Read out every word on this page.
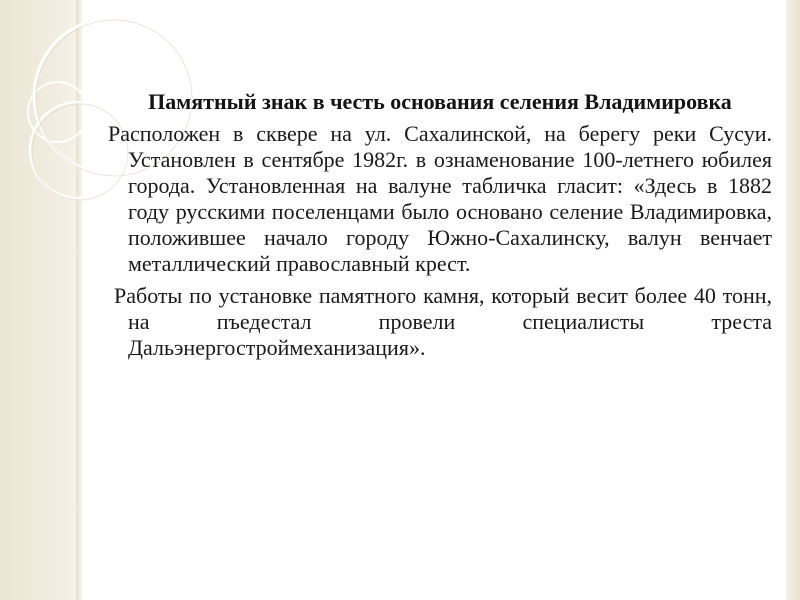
Памятный знак в честь основания селения Владимировка

Расположен в сквере на ул. Сахалинской, на берегу реки Сусуи. Установлен в сентябре 1982г. в ознаменование 100-летнего юбилея города. Установленная на валуне табличка гласит: «Здесь в 1882 году русскими поселенцами было основано селение Владимировка, положившее начало городу Южно-Сахалинску, валун венчает металлический православный крест.

Работы по установке памятного камня, который весит более 40 тонн, на пъедестал провели специалисты треста Дальэнергостроймеханизация».
